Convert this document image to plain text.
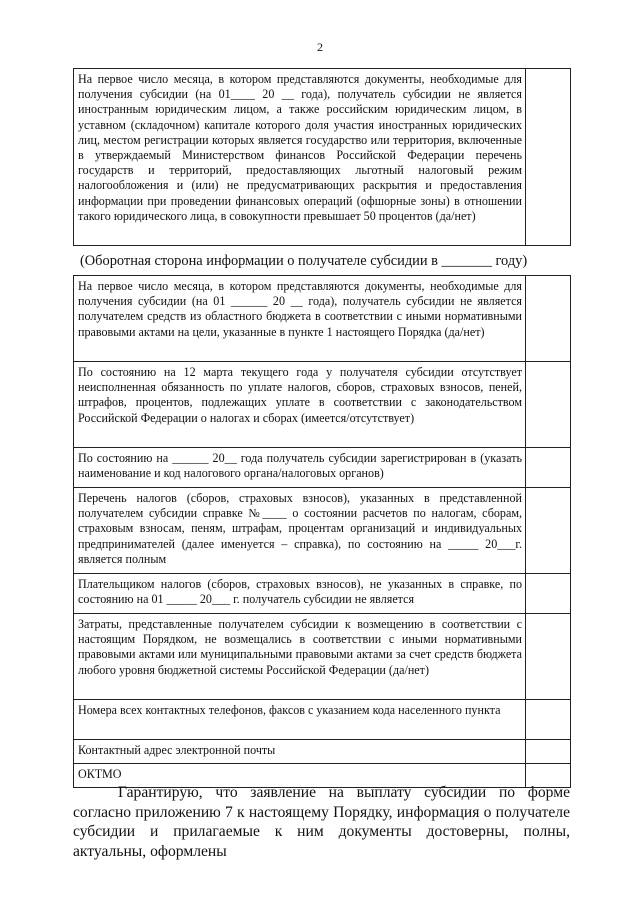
2
На первое число месяца, в котором представляются документы, необходимые для получения субсидии (на 01____ 20 __ года), получатель субсидии не является иностранным юридическим лицом, а также российским юридическим лицом, в уставном (складочном) капитале которого доля участия иностранных юридических лиц, местом регистрации которых является государство или территория, включенные в утверждаемый Министерством финансов Российской Федерации перечень государств и территорий, предоставляющих льготный налоговый режим налогообложения и (или) не предусматривающих раскрытия и предоставления информации при проведении финансовых операций (офшорные зоны) в отношении такого юридического лица, в совокупности превышает 50 процентов (да/нет)	
(Оборотная сторона информации о получателе субсидии в _______ году)
На первое число месяца, в котором представляются документы, необходимые для получения субсидии (на 01 ______ 20 __ года), получатель субсидии не является получателем средств из областного бюджета в соответствии с иными нормативными правовыми актами на цели, указанные в пункте 1 настоящего Порядка (да/нет)	
По состоянию на 12 марта текущего года у получателя субсидии отсутствует неисполненная обязанность по уплате налогов, сборов, страховых взносов, пеней, штрафов, процентов, подлежащих уплате в соответствии с законодательством Российской Федерации о налогах и сборах (имеется/отсутствует)	
По состоянию на ______ 20__ года получатель субсидии зарегистрирован в (указать наименование и код налогового органа/налоговых органов)	
Перечень налогов (сборов, страховых взносов), указанных в представленной получателем субсидии справке №____ о состоянии расчетов по налогам, сборам, страховым взносам, пеням, штрафам, процентам организаций и индивидуальных предпринимателей (далее именуется – справка), по состоянию на _____ 20___г. является полным	
Плательщиком налогов (сборов, страховых взносов), не указанных в справке, по состоянию на 01 _____ 20___ г. получатель субсидии не является	
Затраты, представленные получателем субсидии к возмещению в соответствии с настоящим Порядком, не возмещались в соответствии с иными нормативными правовыми актами или муниципальными правовыми актами за счет средств бюджета любого уровня бюджетной системы Российской Федерации (да/нет)	
Номера всех контактных телефонов, факсов с указанием кода населенного пункта	
Контактный адрес электронной почты	
ОКТМО	
Гарантирую, что заявление на выплату субсидии по форме согласно приложению 7 к настоящему Порядку, информация о получателе субсидии и прилагаемые к ним документы достоверны, полны, актуальны, оформлены
